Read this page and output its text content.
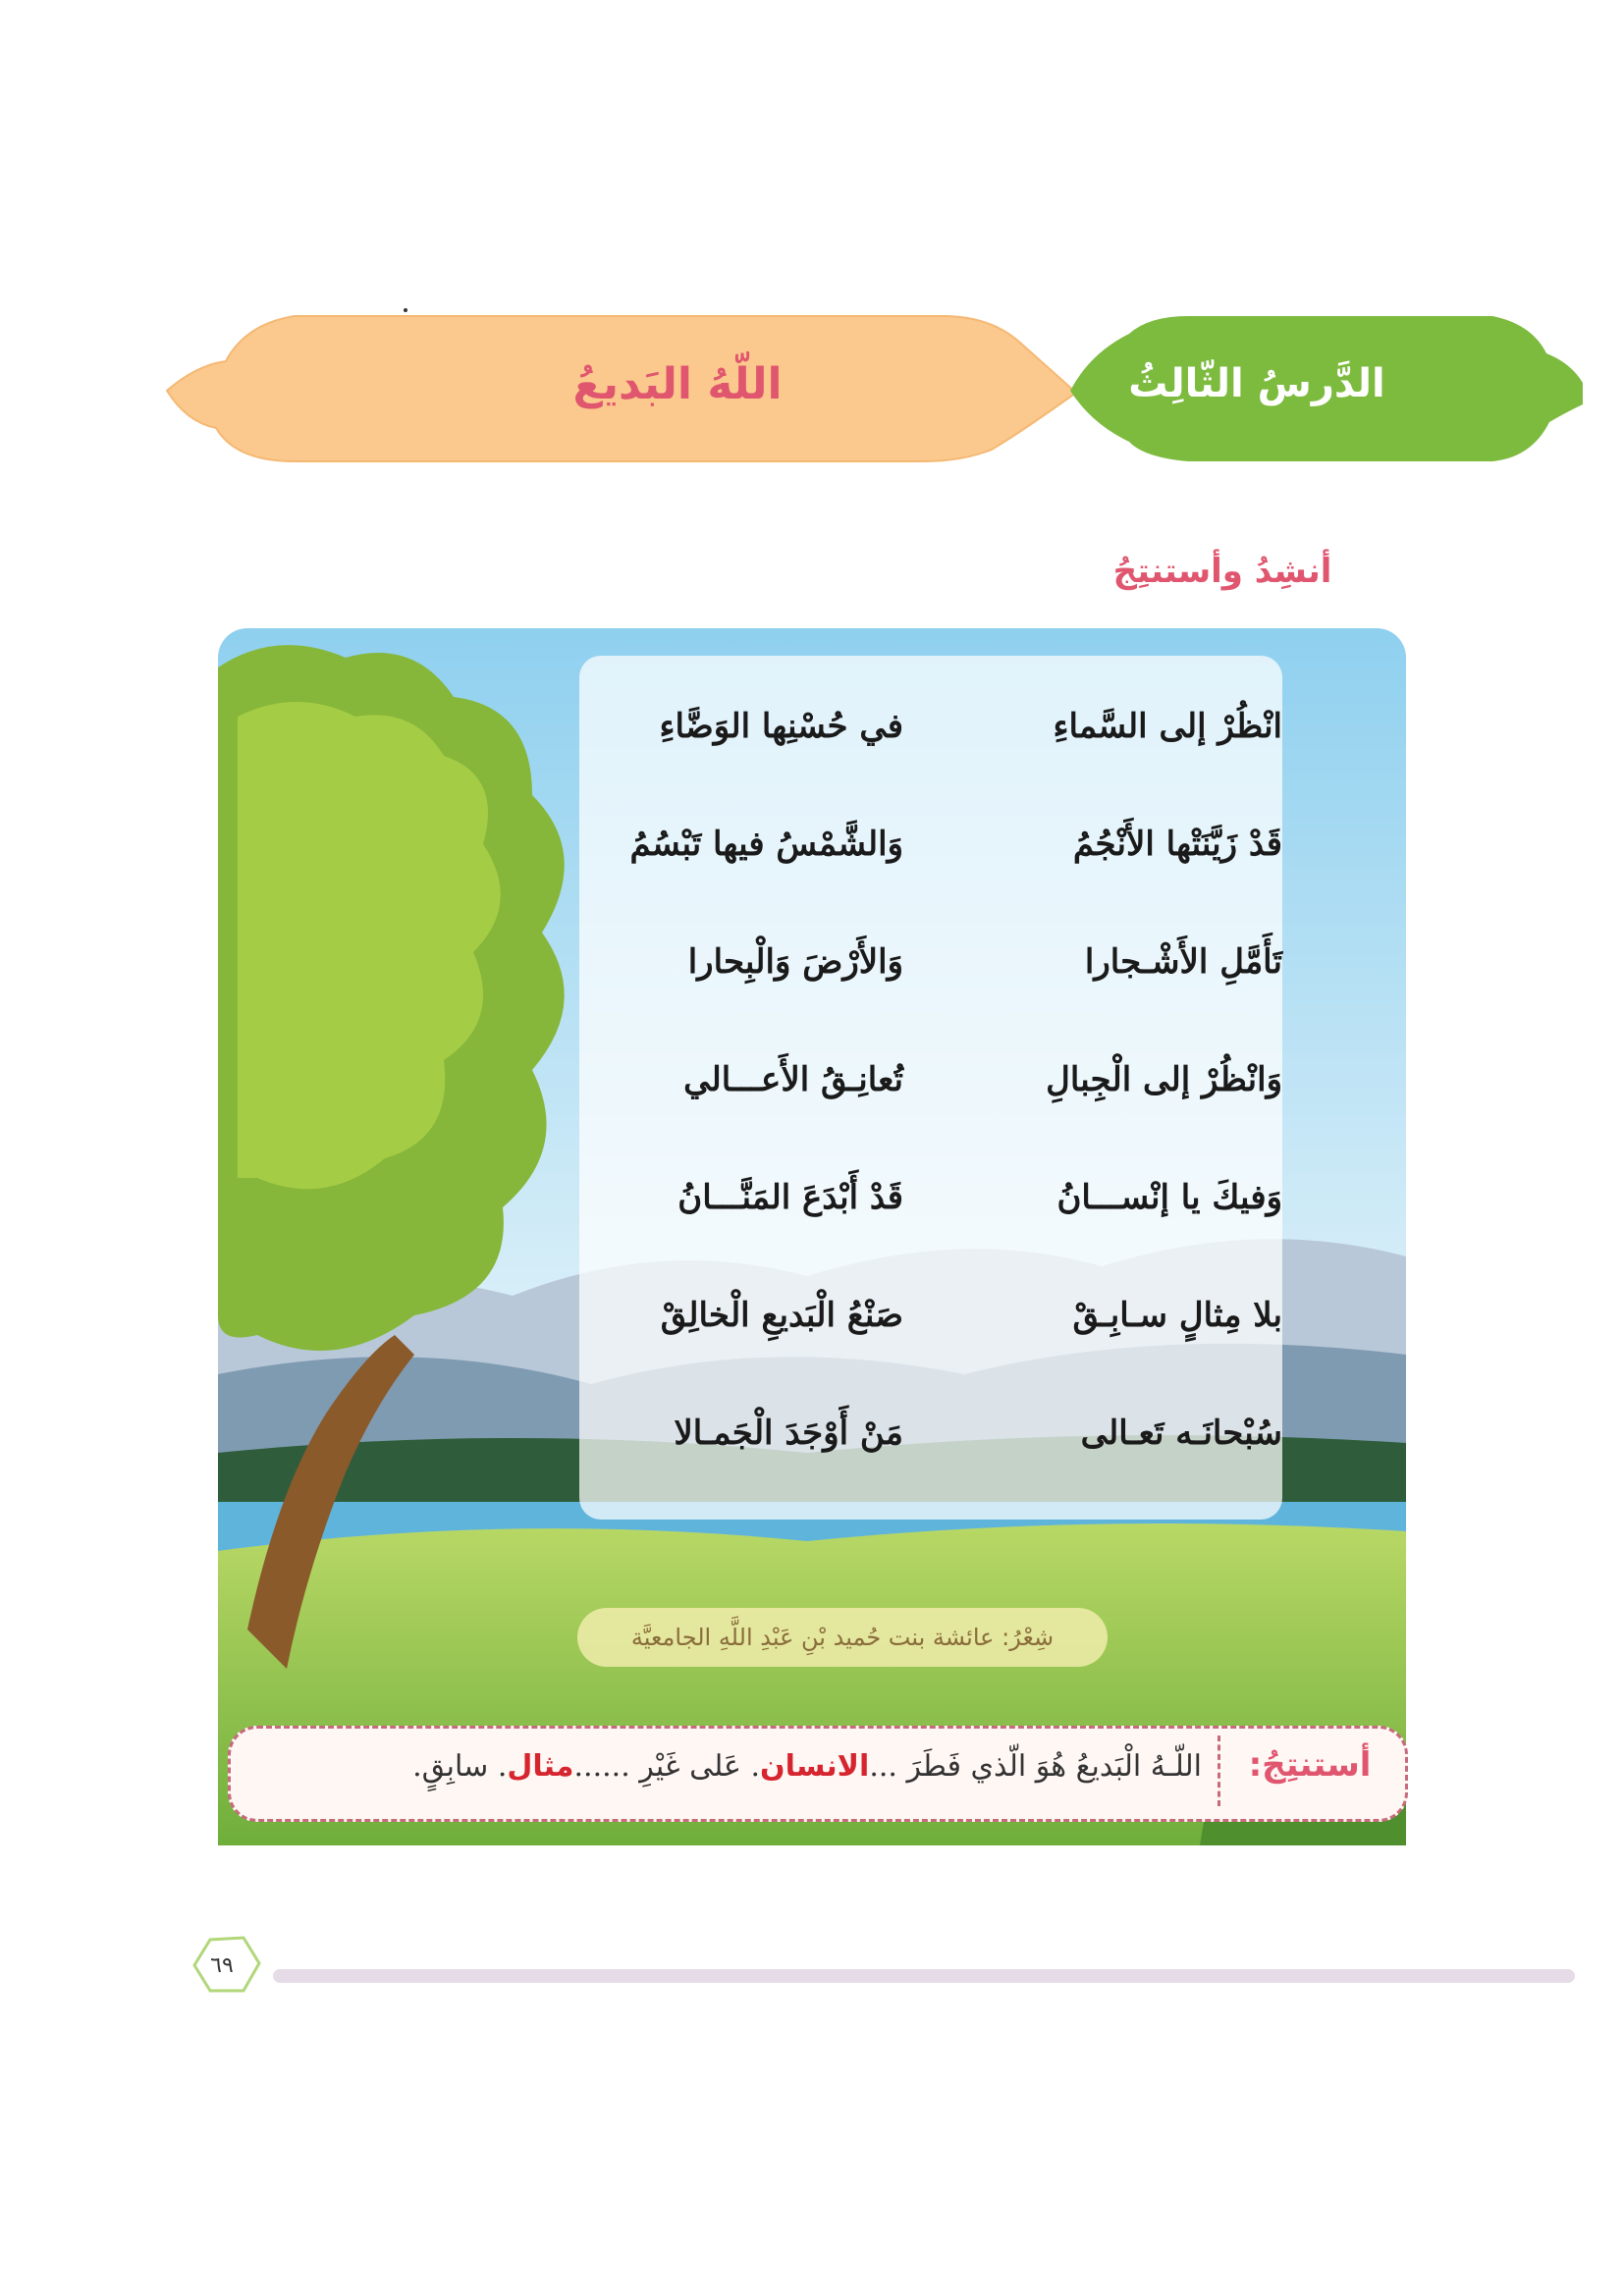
الدَّرسُ الثّالِثُ
اللّهُ البَديعُ
أنشِدُ وأستنتِجُ
انْظُرْ إلى السَّماءِ
في حُسْنِها الوَضَّاءِ
قَدْ زَيَّنَتْها الأَنْجُمُ
وَالشَّمْسُ فيها تَبْسُمُ
تَأَمَّلِ الأَشْـجارا
وَالأَرْضَ وَالْبِحارا
وَانْظُرْ إلى الْجِبالِ
تُعانِـقُ الأَعـــالي
وَفيكَ يا إنْســـانُ
قَدْ أَبْدَعَ المَنَّـــانُ
بلا مِثالٍ سـابِـقْ
صَنْعُ الْبَديعِ الْخالِقْ
سُبْحانَـه تَعـالى
مَنْ أَوْجَدَ الْجَمـالا
شِعْرُ: عائشة بنت حُميد بْنِ عَبْدِ اللَّهِ الجامعيَّة
أستنتِجُ:
اللّـهُ الْبَديعُ هُوَ الّذي فَطَرَ ...الانسان. عَلى غَيْرِ ......مثال. سابِقٍ.
٦٩
